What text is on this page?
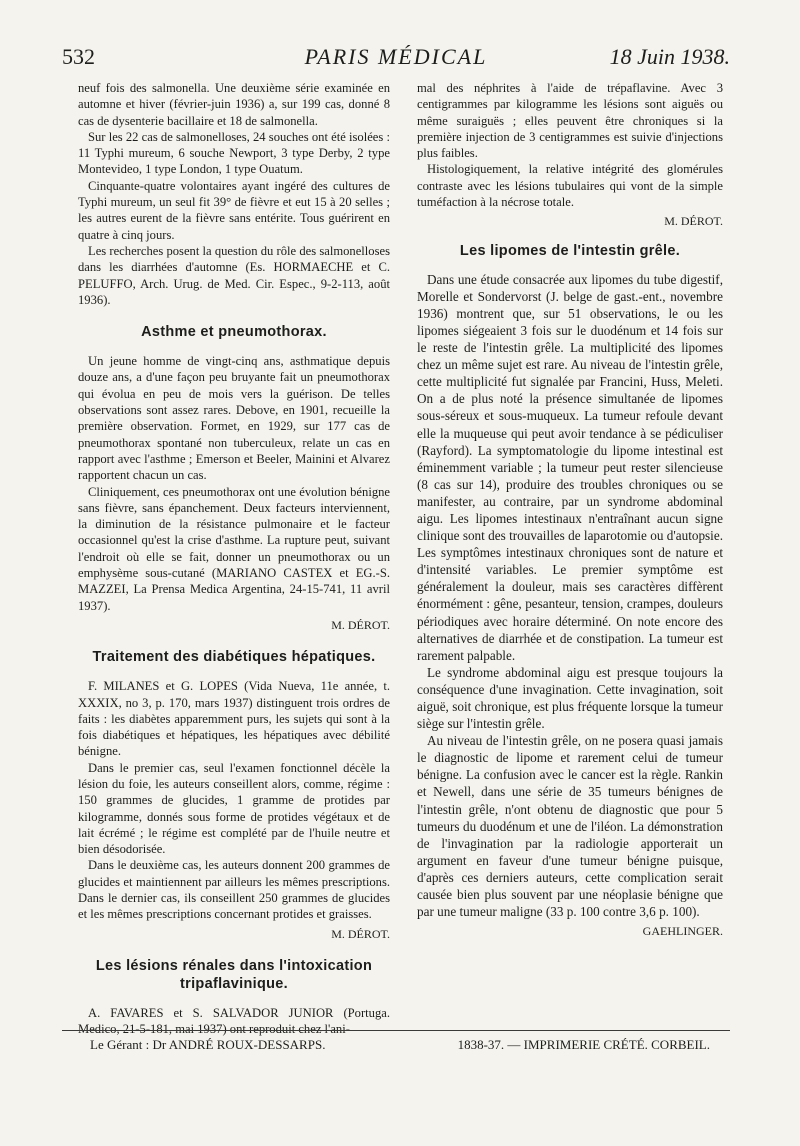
532	PARIS MÉDICAL	18 Juin 1938.

neuf fois des salmonella. Une deuxième série examinée en automne et hiver (février-juin 1936) a, sur 199 cas, donné 8 cas de dysenterie bacillaire et 18 de salmonella.

Sur les 22 cas de salmonelloses, 24 souches ont été isolées : 11 Typhi mureum, 6 souche Newport, 3 type Derby, 2 type Montevideo, 1 type London, 1 type Ouatum.

Cinquante-quatre volontaires ayant ingéré des cultures de Typhi mureum, un seul fit 39° de fièvre et eut 15 à 20 selles ; les autres eurent de la fièvre sans entérite. Tous guérirent en quatre à cinq jours.

Les recherches posent la question du rôle des salmonelloses dans les diarrhées d'automne (Es. HORMAECHE et C. PELUFFO, Arch. Urug. de Med. Cir. Espec., 9-2-113, août 1936).

Asthme et pneumothorax.

Un jeune homme de vingt-cinq ans, asthmatique depuis douze ans, a d'une façon peu bruyante fait un pneumothorax qui évolua en peu de mois vers la guérison. De telles observations sont assez rares. Debove, en 1901, recueille la première observation. Formet, en 1929, sur 177 cas de pneumothorax spontané non tuberculeux, relate un cas en rapport avec l'asthme ; Emerson et Beeler, Mainini et Alvarez rapportent chacun un cas.

Cliniquement, ces pneumothorax ont une évolution bénigne sans fièvre, sans épanchement. Deux facteurs interviennent, la diminution de la résistance pulmonaire et le facteur occasionnel qu'est la crise d'asthme. La rupture peut, suivant l'endroit où elle se fait, donner un pneumothorax ou un emphysème sous-cutané (MARIANO CASTEX et EG.-S. MAZZEI, La Prensa Medica Argentina, 24-15-741, 11 avril 1937).

M. DÉROT.
Traitement des diabétiques hépatiques.

F. MILANES et G. LOPES (Vida Nueva, 11e année, t. XXXIX, no 3, p. 170, mars 1937) distinguent trois ordres de faits : les diabètes apparemment purs, les sujets qui sont à la fois diabétiques et hépatiques, les hépatiques avec débilité bénigne.

Dans le premier cas, seul l'examen fonctionnel décèle la lésion du foie, les auteurs conseillent alors, comme, régime : 150 grammes de glucides, 1 gramme de protides par kilogramme, donnés sous forme de protides végétaux et de lait écrémé ; le régime est complété par de l'huile neutre et bien désodorisée.

Dans le deuxième cas, les auteurs donnent 200 grammes de glucides et maintiennent par ailleurs les mêmes prescriptions. Dans le dernier cas, ils conseillent 250 grammes de glucides et les mêmes prescriptions concernant protides et graisses.

M. DÉROT.
Les lésions rénales dans l'intoxication tripaflavinique.

A. FAVARES et S. SALVADOR JUNIOR (Portuga. Medico, 21-5-181, mai 1937) ont reproduit chez l'ani-

mal des néphrites à l'aide de trépaflavine. Avec 3 centigrammes par kilogramme les lésions sont aiguës ou même suraiguës ; elles peuvent être chroniques si la première injection de 3 centigrammes est suivie d'injections plus faibles.

Histologiquement, la relative intégrité des glomérules contraste avec les lésions tubulaires qui vont de la simple tuméfaction à la nécrose totale.

M. DÉROT.
Les lipomes de l'intestin grêle.

Dans une étude consacrée aux lipomes du tube digestif, Morelle et Sondervorst (J. belge de gast.-ent., novembre 1936) montrent que, sur 51 observations, le ou les lipomes siégeaient 3 fois sur le duodénum et 14 fois sur le reste de l'intestin grêle. La multiplicité des lipomes chez un même sujet est rare. Au niveau de l'intestin grêle, cette multiplicité fut signalée par Francini, Huss, Meleti. On a de plus noté la présence simultanée de lipomes sous-séreux et sous-muqueux. La tumeur refoule devant elle la muqueuse qui peut avoir tendance à se pédiculiser (Rayford). La symptomatologie du lipome intestinal est éminemment variable ; la tumeur peut rester silencieuse (8 cas sur 14), produire des troubles chroniques ou se manifester, au contraire, par un syndrome abdominal aigu. Les lipomes intestinaux n'entraînant aucun signe clinique sont des trouvailles de laparotomie ou d'autopsie. Les symptômes intestinaux chroniques sont de nature et d'intensité variables. Le premier symptôme est généralement la douleur, mais ses caractères diffèrent énormément : gêne, pesanteur, tension, crampes, douleurs périodiques avec horaire déterminé. On note encore des alternatives de diarrhée et de constipation. La tumeur est rarement palpable.

Le syndrome abdominal aigu est presque toujours la conséquence d'une invagination. Cette invagination, soit aiguë, soit chronique, est plus fréquente lorsque la tumeur siège sur l'intestin grêle.

Au niveau de l'intestin grêle, on ne posera quasi jamais le diagnostic de lipome et rarement celui de tumeur bénigne. La confusion avec le cancer est la règle. Rankin et Newell, dans une série de 35 tumeurs bénignes de l'intestin grêle, n'ont obtenu de diagnostic que pour 5 tumeurs du duodénum et une de l'iléon. La démonstration de l'invagination par la radiologie apporterait un argument en faveur d'une tumeur bénigne puisque, d'après ces derniers auteurs, cette complication serait causée bien plus souvent par une néoplasie bénigne que par une tumeur maligne (33 p. 100 contre 3,6 p. 100).

GAEHLINGER.
Le Gérant : Dr ANDRÉ ROUX-DESSARPS.	1838-37. — IMPRIMERIE CRÉTÉ. CORBEIL.
